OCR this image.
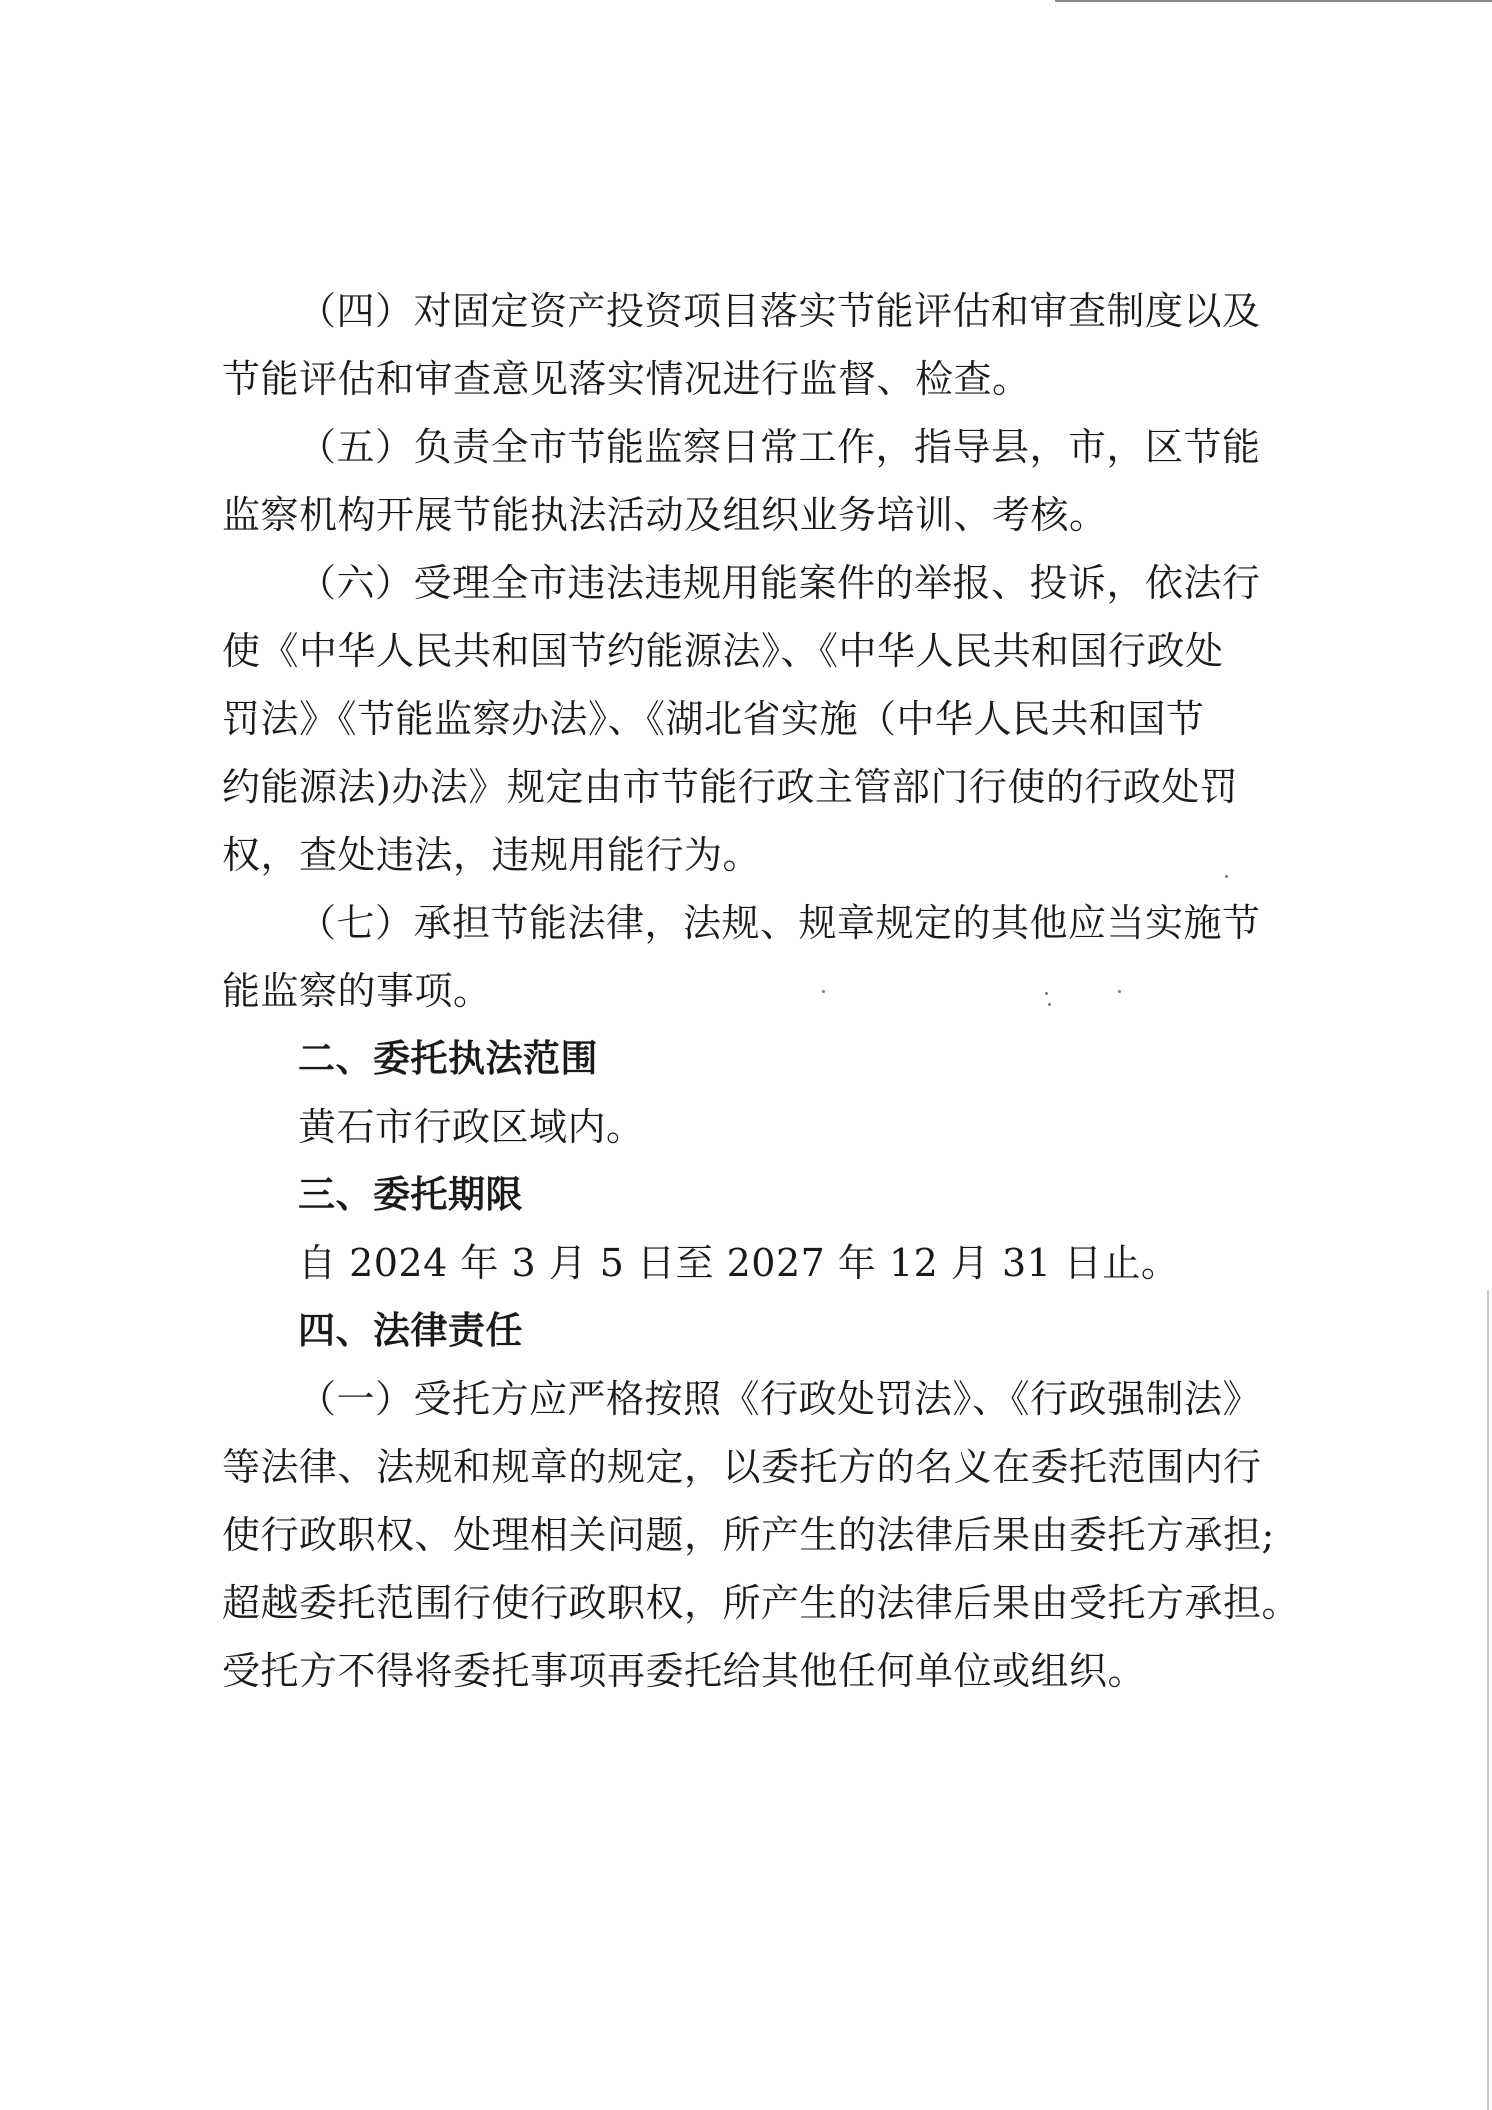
（四）对固定资产投资项目落实节能评估和审查制度以及
节能评估和审查意见落实情况进行监督、检查。
（五）负责全市节能监察日常工作，指导县，市，区节能
监察机构开展节能执法活动及组织业务培训、考核。
（六）受理全市违法违规用能案件的举报、投诉，依法行
使《中华人民共和国节约能源法》、《中华人民共和国行政处
罚法》《节能监察办法》、《湖北省实施（中华人民共和国节
约能源法)办法》规定由市节能行政主管部门行使的行政处罚
权，查处违法，违规用能行为。
（七）承担节能法律，法规、规章规定的其他应当实施节
能监察的事项。
二、委托执法范围
黄石市行政区域内。
三、委托期限
自 2024 年 3 月 5 日至 2027 年 12 月 31 日止。
四、法律责任
（一）受托方应严格按照《行政处罚法》、《行政强制法》
等法律、法规和规章的规定，以委托方的名义在委托范围内行
使行政职权、处理相关问题，所产生的法律后果由委托方承担;
超越委托范围行使行政职权，所产生的法律后果由受托方承担。
受托方不得将委托事项再委托给其他任何单位或组织。
